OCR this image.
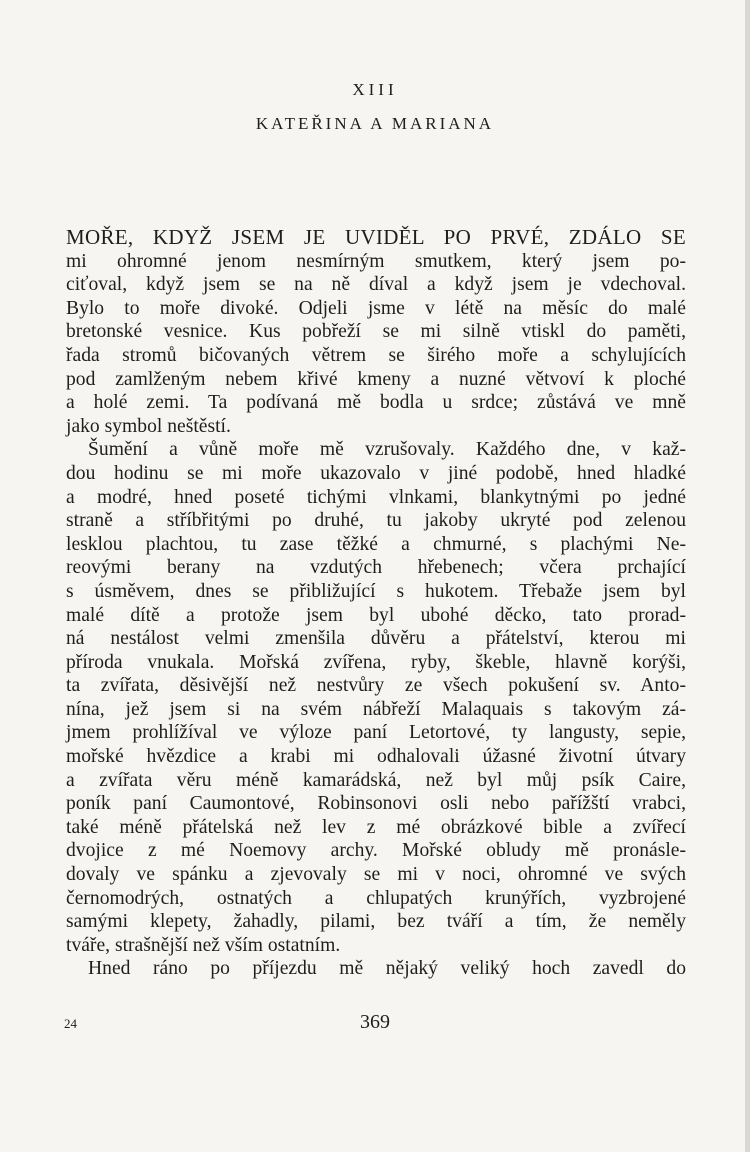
XIII
KATEŘINA A MARIANA
MOŘE, KDYŽ JSEM JE UVIDĚL PO PRVÉ, ZDÁLO SE
mi ohromné jenom nesmírným smutkem, který jsem po-
ciťoval, když jsem se na ně díval a když jsem je vdechoval.
Bylo to moře divoké. Odjeli jsme v létě na měsíc do malé
bretonské vesnice. Kus pobřeží se mi silně vtiskl do paměti,
řada stromů bičovaných větrem se širého moře a schylujících
pod zamlženým nebem křivé kmeny a nuzné větvoví k ploché
a holé zemi. Ta podívaná mě bodla u srdce; zůstává ve mně
jako symbol neštěstí.
Šumění a vůně moře mě vzrušovaly. Každého dne, v kaž-
dou hodinu se mi moře ukazovalo v jiné podobě, hned hladké
a modré, hned poseté tichými vlnkami, blankytnými po jedné
straně a stříbřitými po druhé, tu jakoby ukryté pod zelenou
lesklou plachtou, tu zase těžké a chmurné, s plachými Ne-
reovými berany na vzdutých hřebenech; včera prchající
s úsměvem, dnes se přibližující s hukotem. Třebaže jsem byl
malé dítě a protože jsem byl ubohé děcko, tato prorad-
ná nestálost velmi zmenšila důvěru a přátelství, kterou mi
příroda vnukala. Mořská zvířena, ryby, škeble, hlavně korýši,
ta zvířata, děsivější než nestvůry ze všech pokušení sv. Anto-
nína, jež jsem si na svém nábřeží Malaquais s takovým zá-
jmem prohlížíval ve výloze paní Letortové, ty langusty, sepie,
mořské hvězdice a krabi mi odhalovali úžasné životní útvary
a zvířata věru méně kamarádská, než byl můj psík Caire,
poník paní Caumontové, Robinsonovi osli nebo pařížští vrabci,
také méně přátelská než lev z mé obrázkové bible a zvířecí
dvojice z mé Noemovy archy. Mořské obludy mě pronásle-
dovaly ve spánku a zjevovaly se mi v noci, ohromné ve svých
černomodrých, ostnatých a chlupatých krunýřích, vyzbrojené
samými klepety, žahadly, pilami, bez tváří a tím, že neměly
tváře, strašnější než vším ostatním.
Hned ráno po příjezdu mě nějaký veliký hoch zavedl do
24	369
